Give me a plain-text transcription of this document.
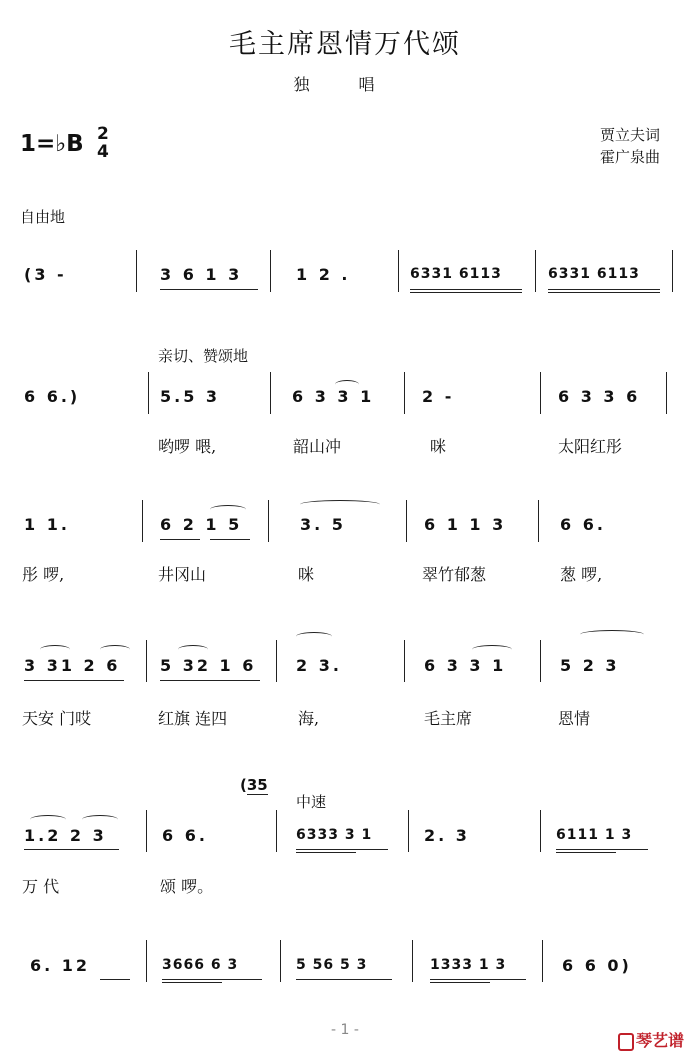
毛主席恩情万代颂
独 唱
1=♭B 2
4
贾立夫词
霍广泉曲
自由地
亲切、赞颂地
(35
中速
(3 -	3 6 1 3	1 2 .	6331 6113	6331 6113
6 6.)	5.5 3	6 3 3 1	2 -	6 3 3 6
哟啰 喂,	韶山冲	咪	太阳红彤
1 1.	6 2 1 5	3. 5	6 1 1 3	6 6.
彤 啰,	井冈山	咪	翠竹郁葱	葱 啰,
3 31 2 6 5 32 1 6 2 3.	6 3 3 1	5 2 3
天安 门哎	红旗 连四	海,	毛主席	恩情
1.2 2 3	6 6.	6333 3 1	2. 3	6111 1 3
万 代	颂 啰。
6. 12	3666 6 3	5 56 5 3	1333 1 3	6 6 0)
- 1 -
琴艺谱
